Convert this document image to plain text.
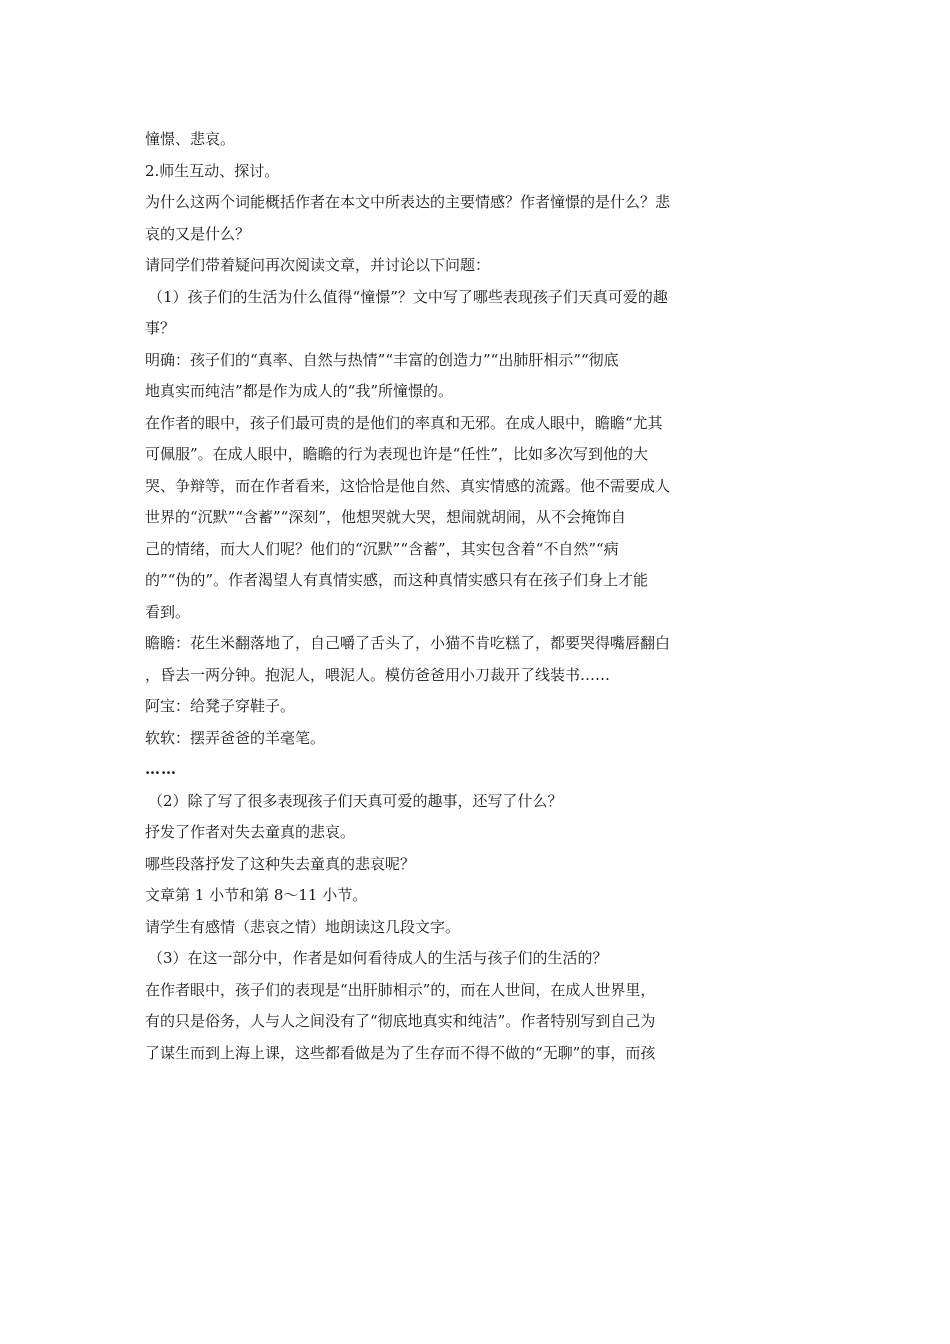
憧憬、悲哀。
2.师生互动、探讨。
为什么这两个词能概括作者在本文中所表达的主要情感？作者憧憬的是什么？悲
哀的又是什么？
请同学们带着疑问再次阅读文章，并讨论以下问题：
（1）孩子们的生活为什么值得“憧憬”？文中写了哪些表现孩子们天真可爱的趣
事？
明确：孩子们的“真率、自然与热情”“丰富的创造力”“出肺肝相示”“彻底
地真实而纯洁”都是作为成人的“我”所憧憬的。
在作者的眼中，孩子们最可贵的是他们的率真和无邪。在成人眼中，瞻瞻“尤其
可佩服”。在成人眼中，瞻瞻的行为表现也许是“任性”，比如多次写到他的大
哭、争辩等，而在作者看来，这恰恰是他自然、真实情感的流露。他不需要成人
世界的“沉默”“含蓄”“深刻”，他想哭就大哭，想闹就胡闹，从不会掩饰自
己的情绪，而大人们呢？他们的“沉默”“含蓄”，其实包含着“不自然”“病
的”“伪的”。作者渴望人有真情实感，而这种真情实感只有在孩子们身上才能
看到。
瞻瞻：花生米翻落地了，自己嚼了舌头了，小猫不肯吃糕了，都要哭得嘴唇翻白
，昏去一两分钟。抱泥人，喂泥人。模仿爸爸用小刀裁开了线装书……
阿宝：给凳子穿鞋子。
软软：摆弄爸爸的羊毫笔。
……
（2）除了写了很多表现孩子们天真可爱的趣事，还写了什么？
抒发了作者对失去童真的悲哀。
哪些段落抒发了这种失去童真的悲哀呢？
文章第 1 小节和第 8～11 小节。
请学生有感情（悲哀之情）地朗读这几段文字。
（3）在这一部分中，作者是如何看待成人的生活与孩子们的生活的？
在作者眼中，孩子们的表现是“出肝肺相示”的，而在人世间，在成人世界里，
有的只是俗务，人与人之间没有了“彻底地真实和纯洁”。作者特别写到自己为
了谋生而到上海上课，这些都看做是为了生存而不得不做的“无聊”的事，而孩
